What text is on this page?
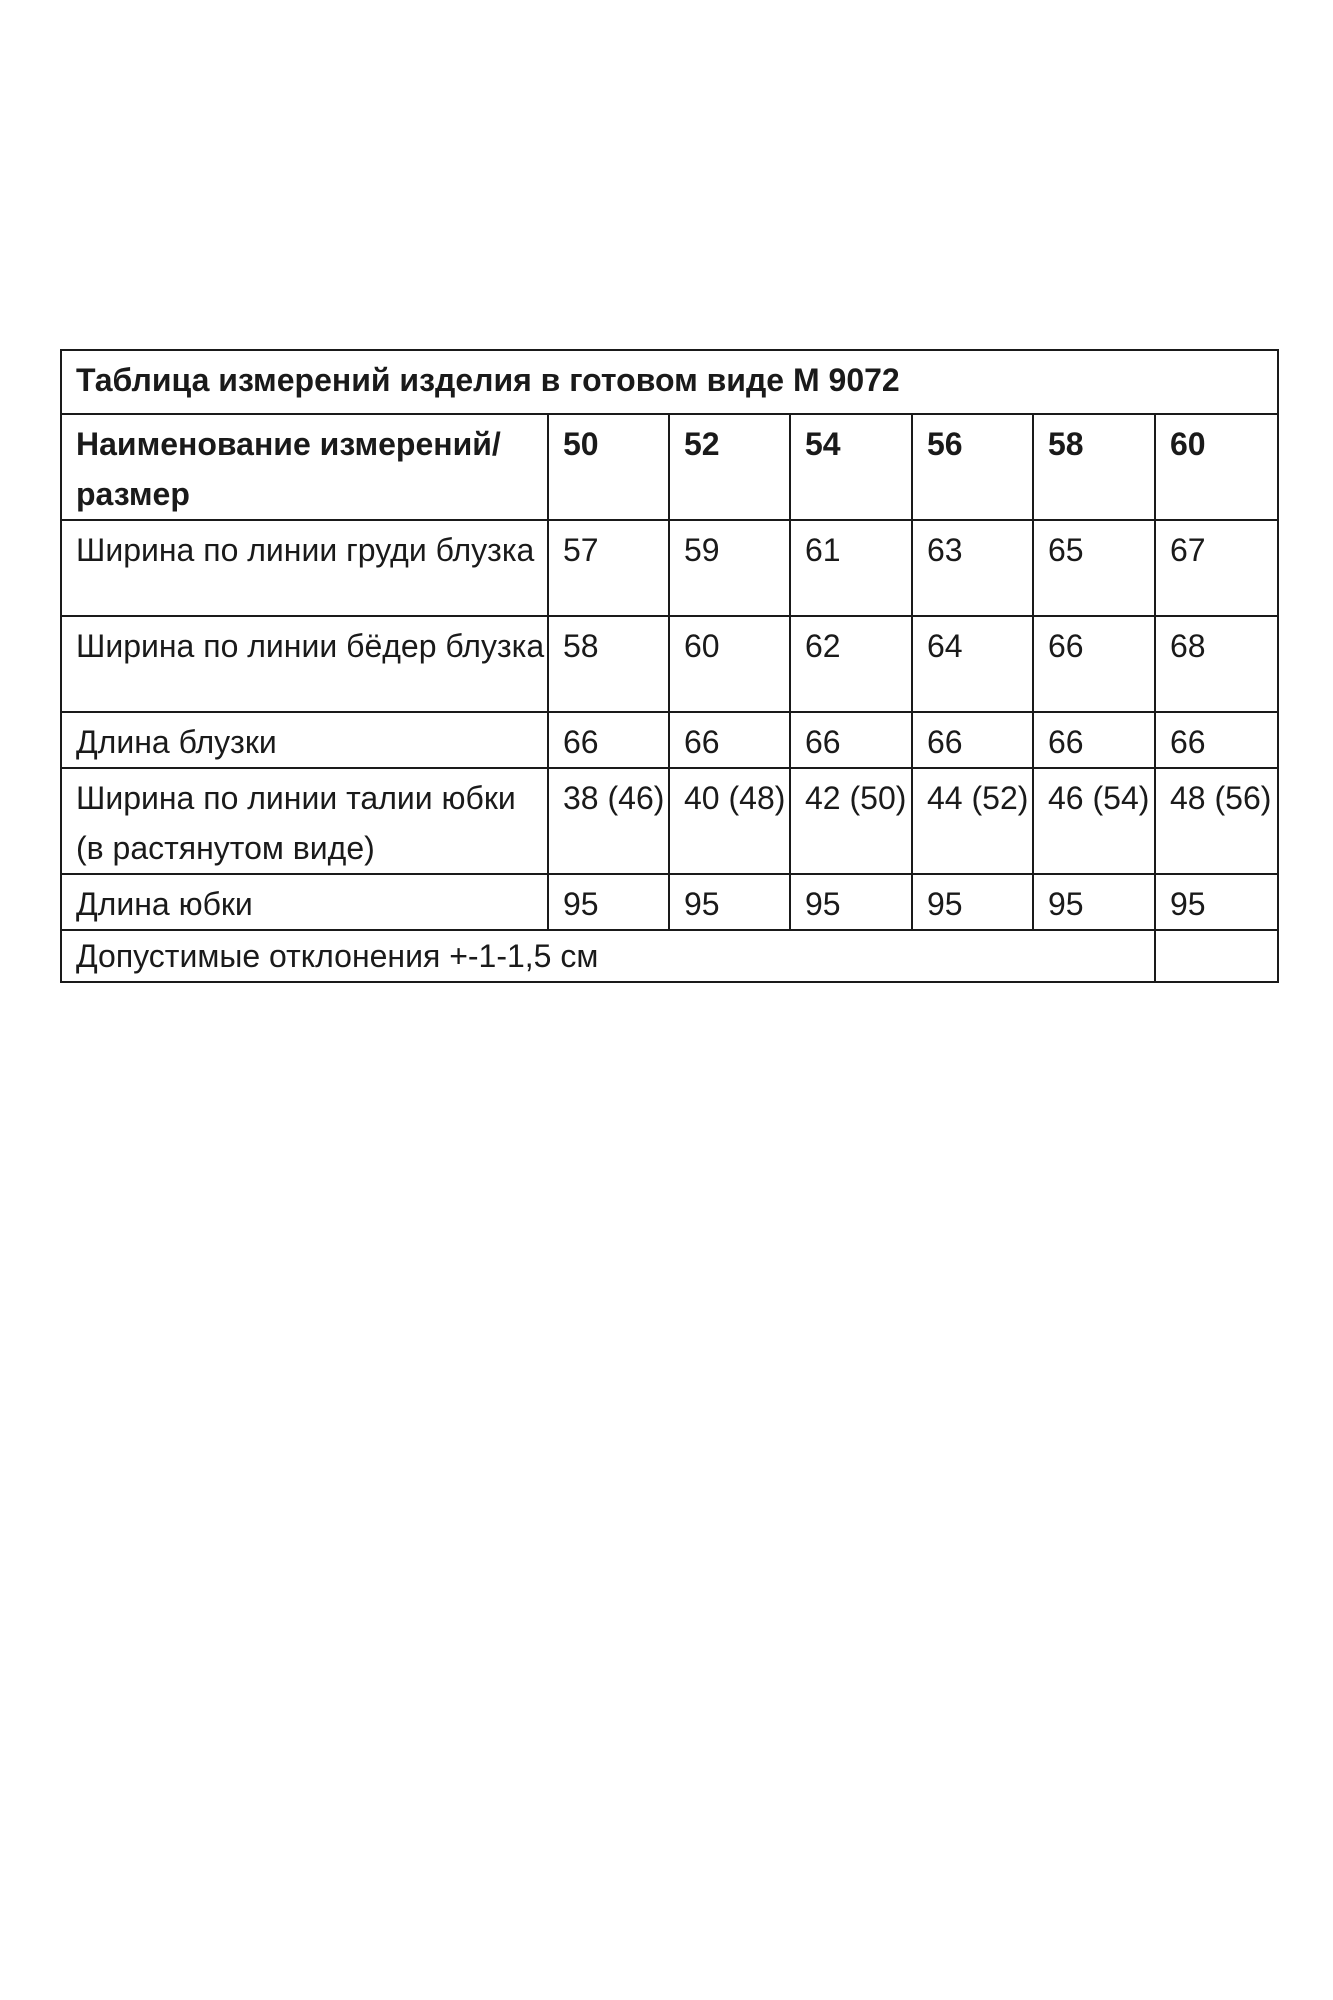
Таблица измерений изделия в готовом виде М 9072						
Наименование измерений/размер	50	52	54	56	58	60
Ширина по линии груди блузка	57	59	61	63	65	67
Ширина по линии бёдер блузка	58	60	62	64	66	68
Длина блузки	66	66	66	66	66	66
Ширина по линии талии юбки (в растянутом виде)	38 (46)	40 (48)	42 (50)	44 (52)	46 (54)	48 (56)
Длина юбки	95	95	95	95	95	95
Допустимые отклонения +-1-1,5 см						
